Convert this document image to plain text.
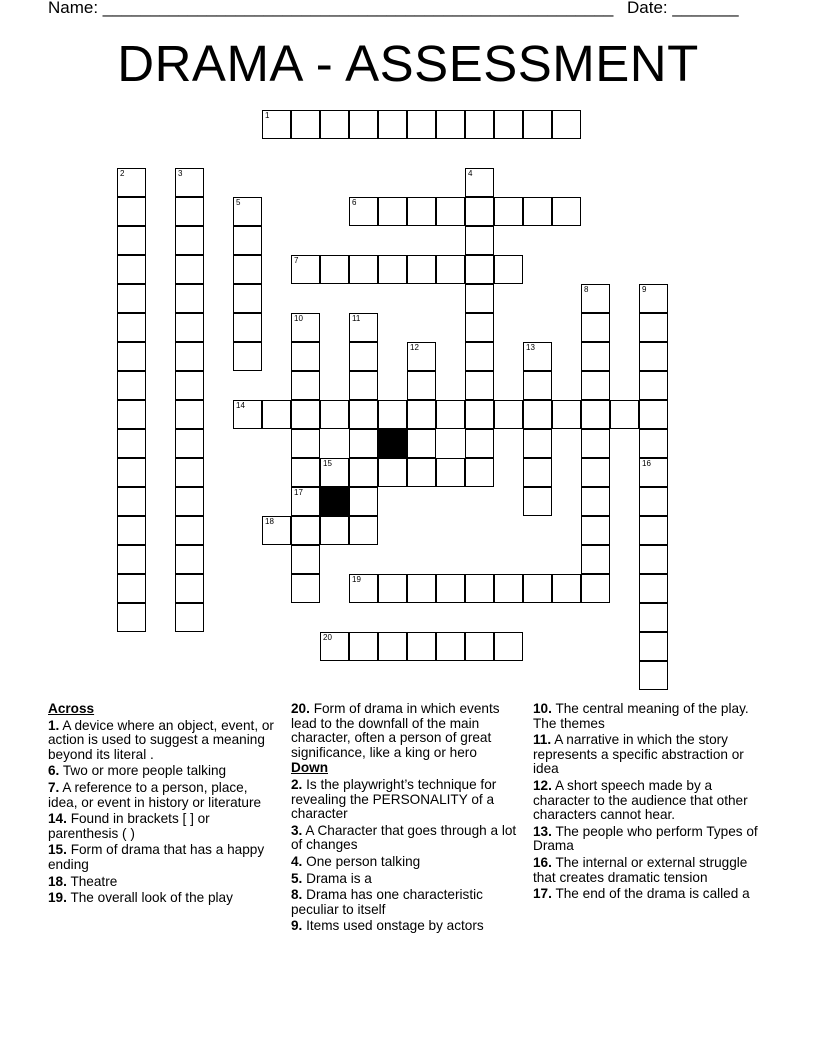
Name: ______________________________________________________ Date: _______
DRAMA - ASSESSMENT
1
2	3	4
5	6
7
8	9
10
17
11
12	13
14
15	16
18
19
20
Across
1. A device where an object, event, or action is used to suggest a meaning beyond its literal .
6. Two or more people talking
7. A reference to a person, place, idea, or event in history or literature
14. Found in brackets [ ] or parenthesis ( )
15. Form of drama that has a happy ending
18. Theatre
19. The overall look of the play
20. Form of drama in which events lead to the downfall of the main character, often a person of great significance, like a king or hero
Down
2. Is the playwright’s technique for revealing the PERSONALITY of a character
3. A Character that goes through a lot of changes
4. One person talking
5. Drama is a
8. Drama has one characteristic peculiar to itself
9. Items used onstage by actors
10. The central meaning of the play. The themes
11. A narrative in which the story represents a specific abstraction or idea
12. A short speech made by a character to the audience that other characters cannot hear.
13. The people who perform Types of Drama
16. The internal or external struggle that creates dramatic tension
17. The end of the drama is called a
